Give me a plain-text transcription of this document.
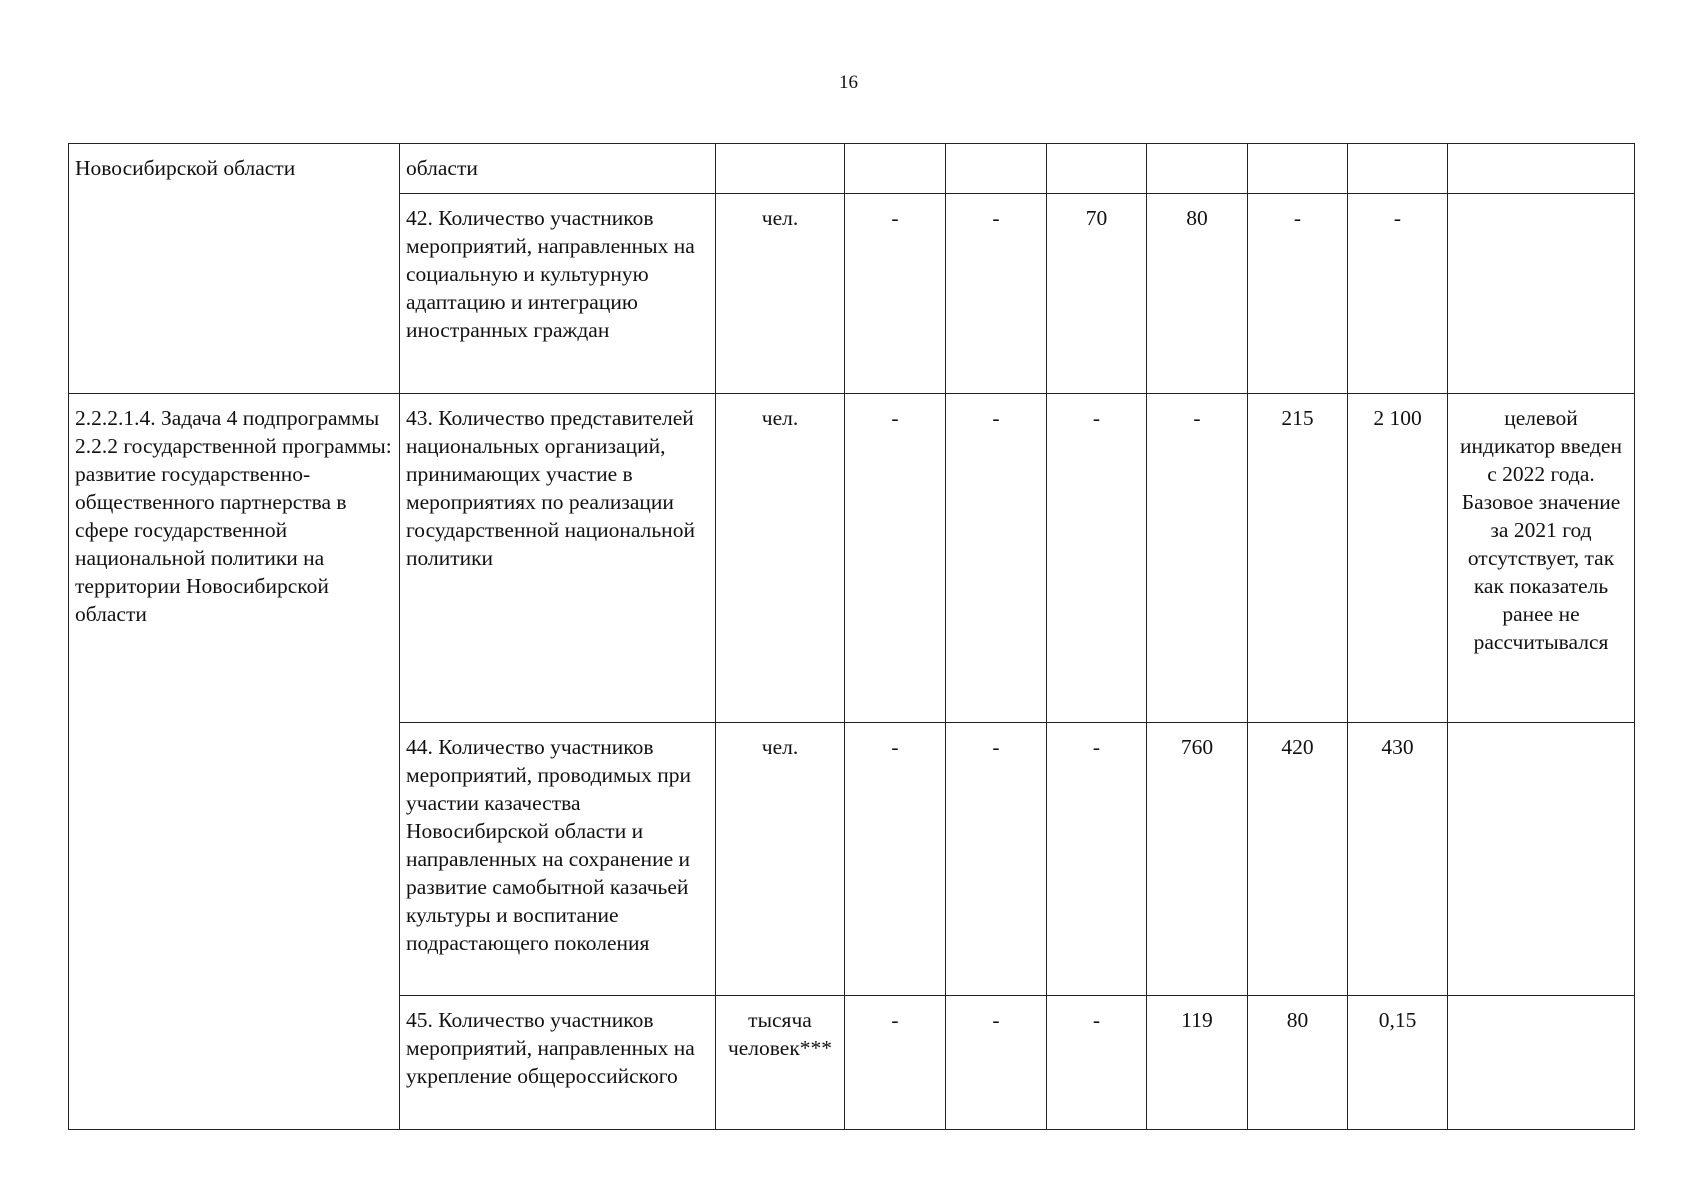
16
Новосибирской области	области								
	42. Количество участников мероприятий, направленных на социальную и культурную адаптацию и интеграцию иностранных граждан	чел.	-	-	70	80	-	-	
2.2.2.1.4. Задача 4 подпрограммы 2.2.2 государственной программы: развитие государственно-общественного партнерства в сфере государственной национальной политики на территории Новосибирской области	43. Количество представителей национальных организаций, принимающих участие в мероприятиях по реализации государственной национальной политики	чел.	-	-	-	-	215	2 100	целевой индикатор введен с 2022 года. Базовое значение за 2021 год отсутствует, так как показатель ранее не рассчитывался
	44. Количество участников мероприятий, проводимых при участии казачества Новосибирской области и направленных на сохранение и развитие самобытной казачьей культуры и воспитание подрастающего поколения	чел.	-	-	-	760	420	430	
	45. Количество участников мероприятий, направленных на укрепление общероссийского	тысяча человек***	-	-	-	119	80	0,15	
